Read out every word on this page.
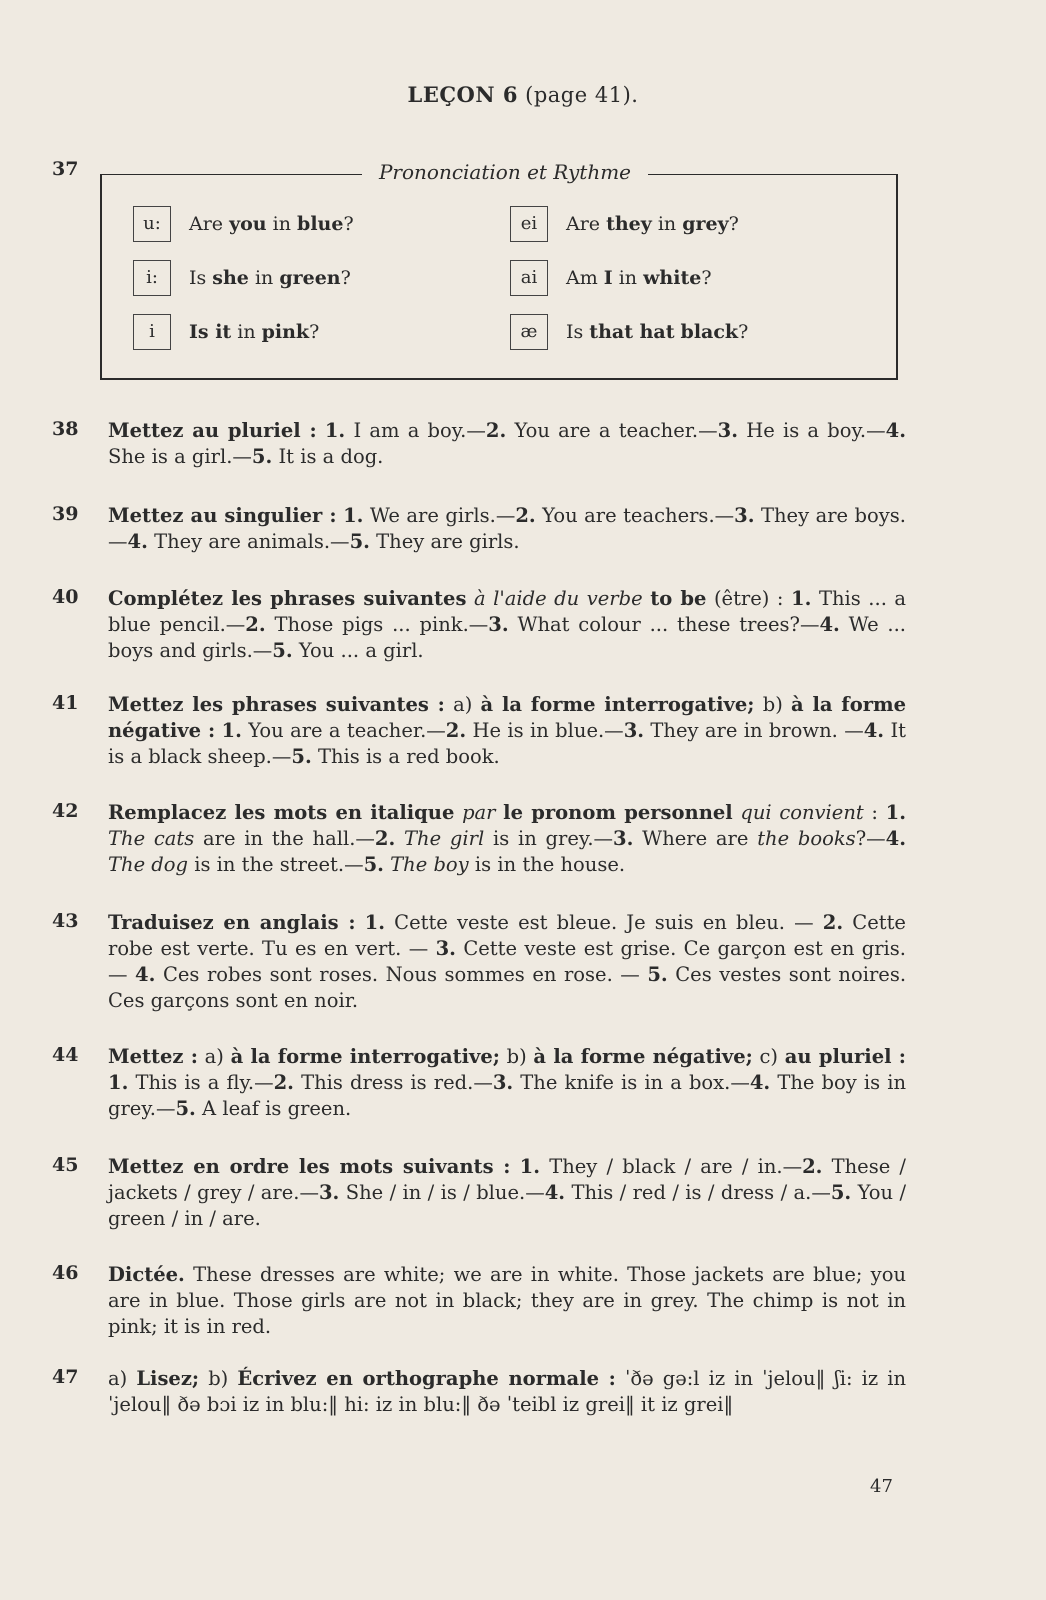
LEÇON 6 (page 41).
37	Prononciation et Rythme
u: Are you in blue?	ei Are they in grey?
i: Is she in green?	ai Am I in white?
i Is it in pink?	æ Is that hat black?
38	Mettez au pluriel : 1. I am a boy.—2. You are a teacher.—3. He is a boy.—4. She is a girl.—5. It is a dog.
39	Mettez au singulier : 1. We are girls.—2. You are teachers.—3. They are boys.—4. They are animals.—5. They are girls.
40	Complétez les phrases suivantes à l'aide du verbe to be (être) : 1. This ... a blue pencil.—2. Those pigs ... pink.—3. What colour ... these trees?—4. We ... boys and girls.—5. You ... a girl.
41	Mettez les phrases suivantes : a) à la forme interrogative; b) à la forme négative : 1. You are a teacher.—2. He is in blue.—3. They are in brown. —4. It is a black sheep.—5. This is a red book.
42	Remplacez les mots en italique par le pronom personnel qui convient : 1. The cats are in the hall.—2. The girl is in grey.—3. Where are the books?—4. The dog is in the street.—5. The boy is in the house.
43	Traduisez en anglais : 1. Cette veste est bleue. Je suis en bleu. — 2. Cette robe est verte. Tu es en vert. — 3. Cette veste est grise. Ce garçon est en gris. — 4. Ces robes sont roses. Nous sommes en rose. — 5. Ces vestes sont noires. Ces garçons sont en noir.
44	Mettez : a) à la forme interrogative; b) à la forme négative; c) au pluriel : 1. This is a fly.—2. This dress is red.—3. The knife is in a box.—4. The boy is in grey.—5. A leaf is green.
45	Mettez en ordre les mots suivants : 1. They / black / are / in.—2. These / jackets / grey / are.—3. She / in / is / blue.—4. This / red / is / dress / a.—5. You / green / in / are.
46	Dictée. These dresses are white; we are in white. Those jackets are blue; you are in blue. Those girls are not in black; they are in grey. The chimp is not in pink; it is in red.
47	a) Lisez; b) Écrivez en orthographe normale : ˈðə gə:l iz in ˈjelou‖ ʃi: iz in ˈjelou‖ ðə bɔi iz in blu:‖ hi: iz in blu:‖ ðə ˈteibl iz grei‖ it iz grei‖
47
